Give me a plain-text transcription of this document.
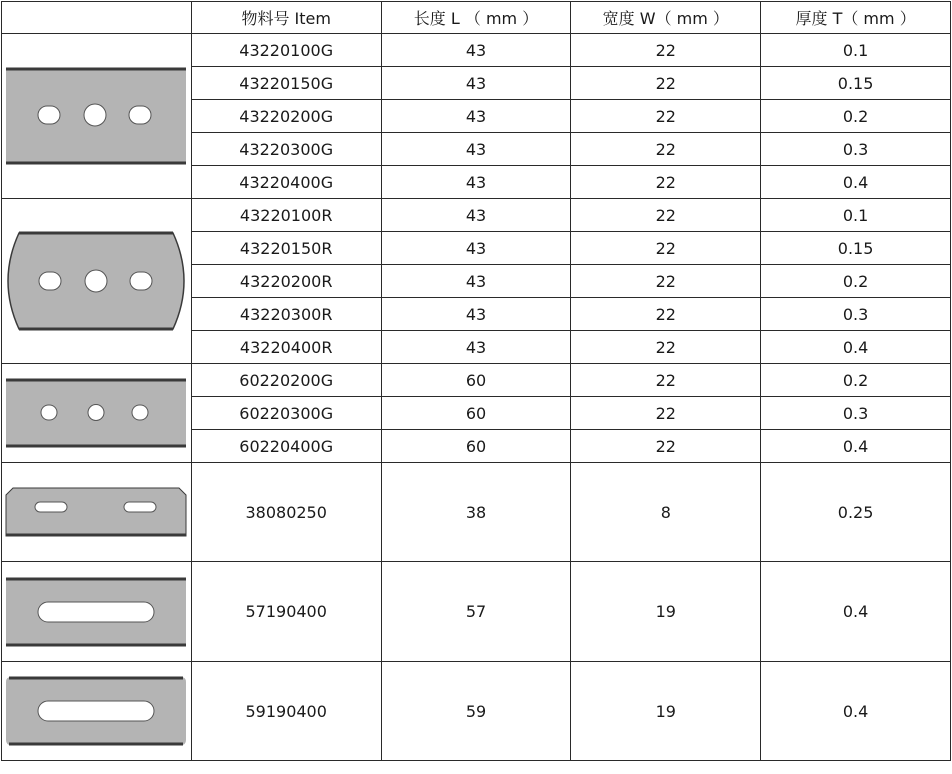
	物料号 Item	长度 L （ mm ）	宽度 W（ mm ）	厚度 T（ mm ）

	43220100G	43	22	0.1
	43220150G	43	22	0.15
	43220200G	43	22	0.2
	43220300G	43	22	0.3
	43220400G	43	22	0.4

	43220100R	43	22	0.1
	43220150R	43	22	0.15
	43220200R	43	22	0.2
	43220300R	43	22	0.3
	43220400R	43	22	0.4

	60220200G	60	22	0.2
	60220300G	60	22	0.3
	60220400G	60	22	0.4

	38080250	38	8	0.25

	57190400	57	19	0.4

	59190400	59	19	0.4
